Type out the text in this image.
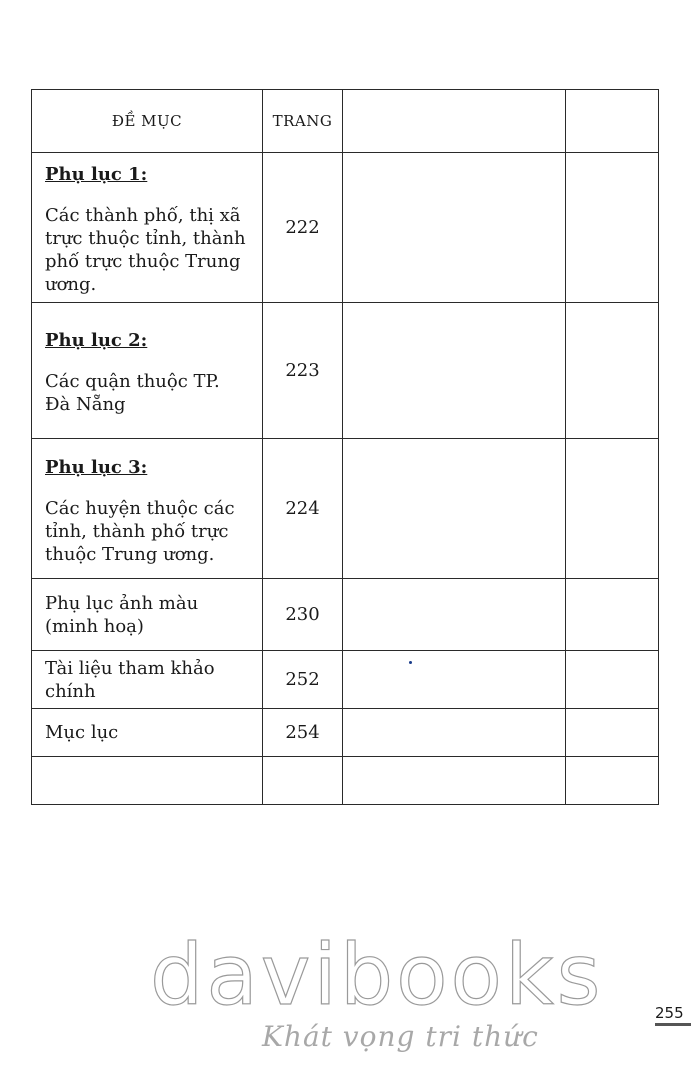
ĐỀ MỤC	TRANG		

Phụ lục 1:
Các thành phố, thị xã trực thuộc tỉnh, thành phố trực thuộc Trung ương.	222		

Phụ lục 2:
Các quận thuộc TP. Đà Nẵng	223		

Phụ lục 3:
Các huyện thuộc các tỉnh, thành phố trực thuộc Trung ương.	224		
Phụ lục ảnh màu (minh hoạ)	230		
Tài liệu tham khảo chính	252		
Mục lục	254		

davibooks
Khát vọng tri thức
255
